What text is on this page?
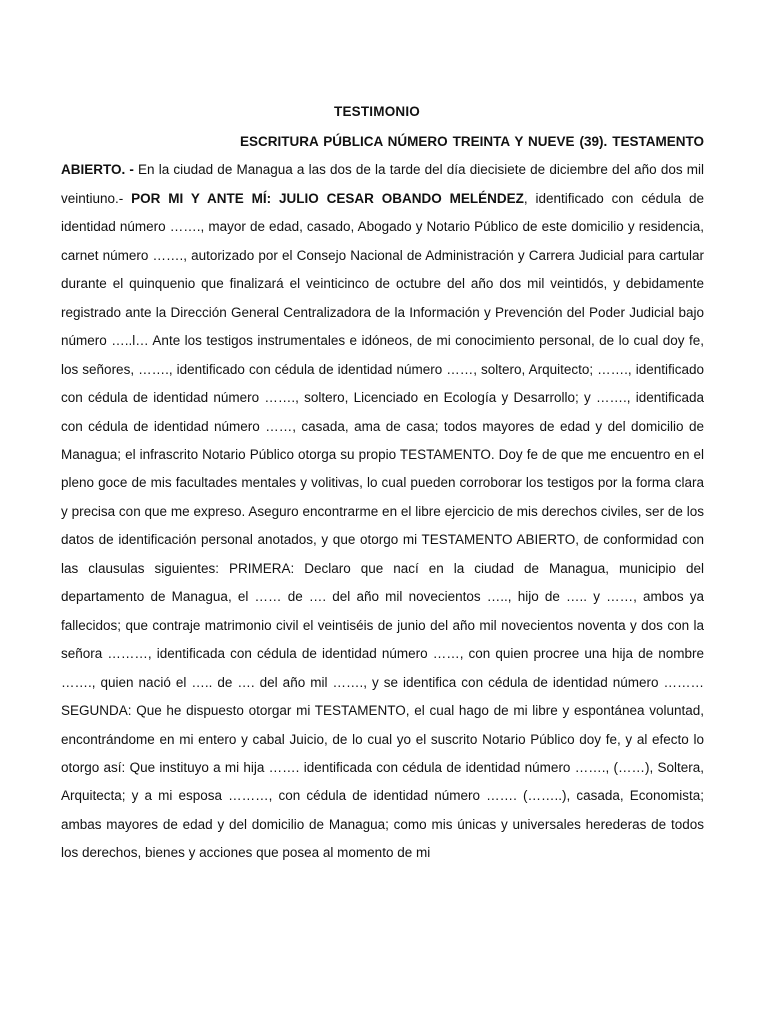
TESTIMONIO

ESCRITURA PÚBLICA NÚMERO TREINTA Y NUEVE (39). TESTAMENTO ABIERTO. - En la ciudad de Managua a las dos de la tarde del día diecisiete de diciembre del año dos mil veintiuno.- POR MI Y ANTE MÍ: JULIO CESAR OBANDO MELÉNDEZ, identificado con cédula de identidad número ……., mayor de edad, casado, Abogado y Notario Público de este domicilio y residencia, carnet número ……., autorizado por el Consejo Nacional de Administración y Carrera Judicial para cartular durante el quinquenio que finalizará el veinticinco de octubre del año dos mil veintidós, y debidamente registrado ante la Dirección General Centralizadora de la Información y Prevención del Poder Judicial bajo número …..l… Ante los testigos instrumentales e idóneos, de mi conocimiento personal, de lo cual doy fe, los señores, ……., identificado con cédula de identidad número ……, soltero, Arquitecto; ……., identificado con cédula de identidad número ……., soltero, Licenciado en Ecología y Desarrollo; y ……., identificada con cédula de identidad número ……, casada, ama de casa; todos mayores de edad y del domicilio de Managua; el infrascrito Notario Público otorga su propio TESTAMENTO. Doy fe de que me encuentro en el pleno goce de mis facultades mentales y volitivas, lo cual pueden corroborar los testigos por la forma clara y precisa con que me expreso. Aseguro encontrarme en el libre ejercicio de mis derechos civiles, ser de los datos de identificación personal anotados, y que otorgo mi TESTAMENTO ABIERTO, de conformidad con las clausulas siguientes: PRIMERA: Declaro que nací en la ciudad de Managua, municipio del departamento de Managua, el …… de …. del año mil novecientos ….., hijo de ….. y ……, ambos ya fallecidos; que contraje matrimonio civil el veintiséis de junio del año mil novecientos noventa y dos con la señora ………, identificada con cédula de identidad número ……, con quien procree una hija de nombre ……., quien nació el ….. de …. del año mil ……., y se identifica con cédula de identidad número ……… SEGUNDA: Que he dispuesto otorgar mi TESTAMENTO, el cual hago de mi libre y espontánea voluntad, encontrándome en mi entero y cabal Juicio, de lo cual yo el suscrito Notario Público doy fe, y al efecto lo otorgo así: Que instituyo a mi hija ……. identificada con cédula de identidad número ……., (……), Soltera, Arquitecta; y a mi esposa ………, con cédula de identidad número ……. (……..), casada, Economista; ambas mayores de edad y del domicilio de Managua; como mis únicas y universales herederas de todos los derechos, bienes y acciones que posea al momento de mi
